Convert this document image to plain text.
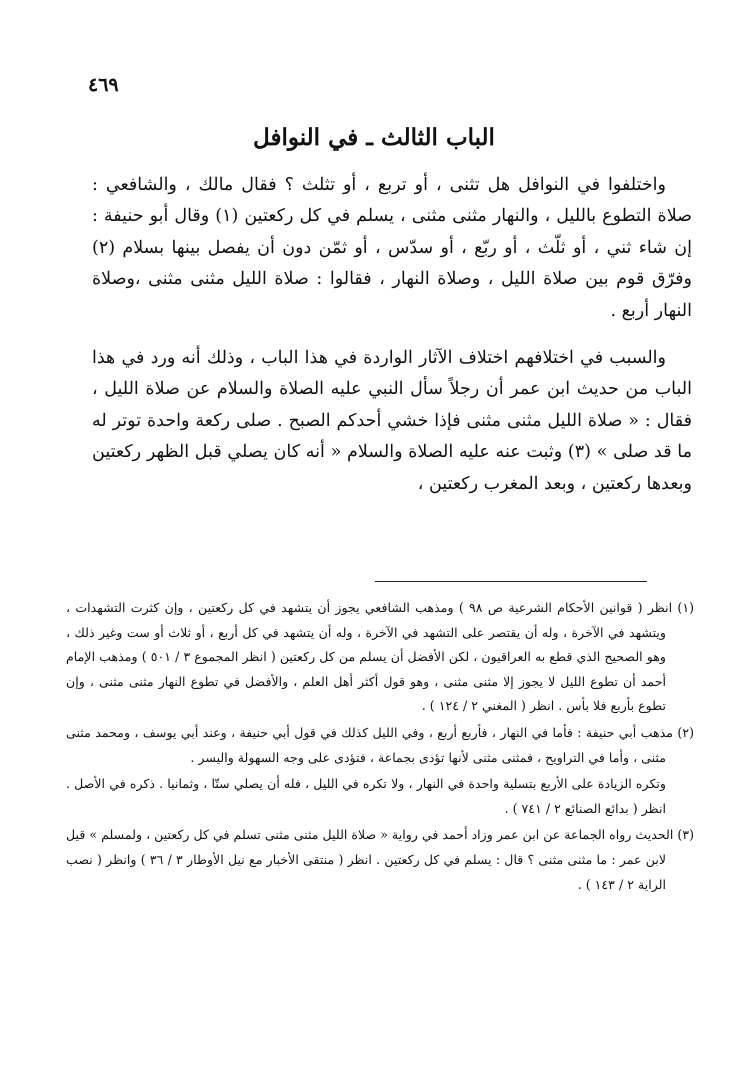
٤٦٩
الباب الثالث ـ في النوافل

واختلفوا في النوافل هل تثنى ، أو تربع ، أو تثلث ؟ فقال مالك ، والشافعي : صلاة التطوع بالليل ، والنهار مثنى مثنى ، يسلم في كل ركعتين (١) وقال أبو حنيفة : إن شاء ثني ، أو ثلّث ، أو ربّع ، أو سدّس ، أو ثمّن دون أن يفصل بينها بسلام (٢) وفرّق قوم بين صلاة الليل ، وصلاة النهار ، فقالوا : صلاة الليل مثنى مثنى ،وصلاة النهار أربع .

والسبب في اختلافهم اختلاف الآثار الواردة في هذا الباب ، وذلك أنه ورد في هذا الباب من حديث ابن عمر أن رجلاً سأل النبي عليه الصلاة والسلام عن صلاة الليل ، فقال : « صلاة الليل مثنى مثنى فإذا خشي أحدكم الصبح . صلى ركعة واحدة توتر له ما قد صلى » (٣) وثبت عنه عليه الصلاة والسلام « أنه كان يصلي قبل الظهر ركعتين وبعدها ركعتين ، وبعد المغرب ركعتين ،

(١) انظر ( قوانين الأحكام الشرعية ص ٩٨ ) ومذهب الشافعي يجوز أن يتشهد في كل ركعتين ، وإن كثرت التشهدات ، ويتشهد في الآخرة ، وله أن يقتصر على التشهد في الآخرة ، وله أن يتشهد في كل أربع ، أو ثلاث أو ست وغير ذلك ، وهو الصحيح الذي قطع به العراقيون ، لكن الأفضل أن يسلم من كل ركعتين ( انظر المجموع ٣ / ٥٠١ ) ومذهب الإمام أحمد أن تطوع الليل لا يجوز إلا مثنى مثنى ، وهو قول أكثر أهل العلم ، والأفضل في تطوع النهار مثنى مثنى ، وإن تطوع بأربع فلا بأس . انظر ( المغني ٢ / ١٢٤ ) .

(٢) مذهب أبي حنيفة : فأما في النهار ، فأربع أربع ، وفي الليل كذلك في قول أبي حنيفة ، وعند أبي يوسف ، ومحمد مثنى مثنى ، وأما في التراويح ، فمثنى مثنى لأنها تؤدى بجماعة ، فتؤدى على وجه السهولة واليسر .

وتكره الزيادة على الأربع بتسلية واحدة في النهار ، ولا تكره في الليل ، فله أن يصلي ستّا ، وثمانيا . ذكره في الأصل . انظر ( بدائع الصنائع ٢ / ٧٤١ ) .

(٣) الحديث رواه الجماعة عن ابن عمر وزاد أحمد في رواية « صلاة الليل مثنى مثنى تسلم في كل ركعتين ، ولمسلم » قيل لابن عمر : ما مثنى مثنى ؟ قال : يسلم في كل ركعتين . انظر ( منتقى الأخبار مع نيل الأوطار ٣ / ٣٦ ) وانظر ( نصب الراية ٢ / ١٤٣ ) .
